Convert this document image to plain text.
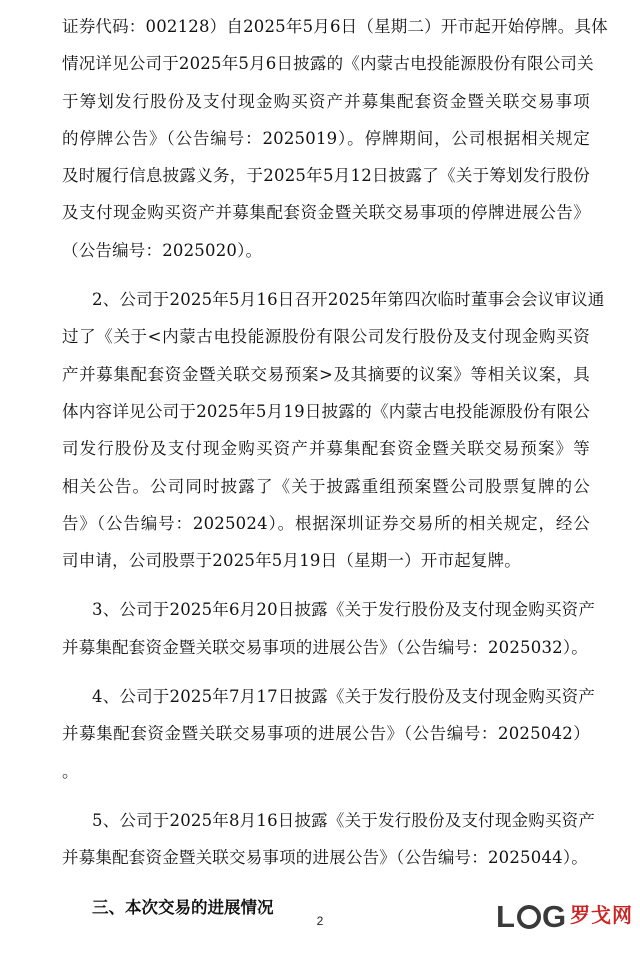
证券代码：002128）自2025年5月6日（星期二）开市起开始停牌。具体
情况详见公司于2025年5月6日披露的《内蒙古电投能源股份有限公司关
于筹划发行股份及支付现金购买资产并募集配套资金暨关联交易事项
的停牌公告》（公告编号：2025019）。停牌期间，公司根据相关规定
及时履行信息披露义务，于2025年5月12日披露了《关于筹划发行股份
及支付现金购买资产并募集配套资金暨关联交易事项的停牌进展公告》
（公告编号：2025020）。
2、公司于2025年5月16日召开2025年第四次临时董事会会议审议通
过了《关于<内蒙古电投能源股份有限公司发行股份及支付现金购买资
产并募集配套资金暨关联交易预案>及其摘要的议案》等相关议案，具
体内容详见公司于2025年5月19日披露的《内蒙古电投能源股份有限公
司发行股份及支付现金购买资产并募集配套资金暨关联交易预案》等
相关公告。公司同时披露了《关于披露重组预案暨公司股票复牌的公
告》（公告编号：2025024）。根据深圳证券交易所的相关规定，经公
司申请，公司股票于2025年5月19日（星期一）开市起复牌。
3、公司于2025年6月20日披露《关于发行股份及支付现金购买资产
并募集配套资金暨关联交易事项的进展公告》（公告编号：2025032）。
4、公司于2025年7月17日披露《关于发行股份及支付现金购买资产
并募集配套资金暨关联交易事项的进展公告》（公告编号：2025042）
。
5、公司于2025年8月16日披露《关于发行股份及支付现金购买资产
并募集配套资金暨关联交易事项的进展公告》（公告编号：2025044）。
三、本次交易的进展情况
2	L G 罗戈网
